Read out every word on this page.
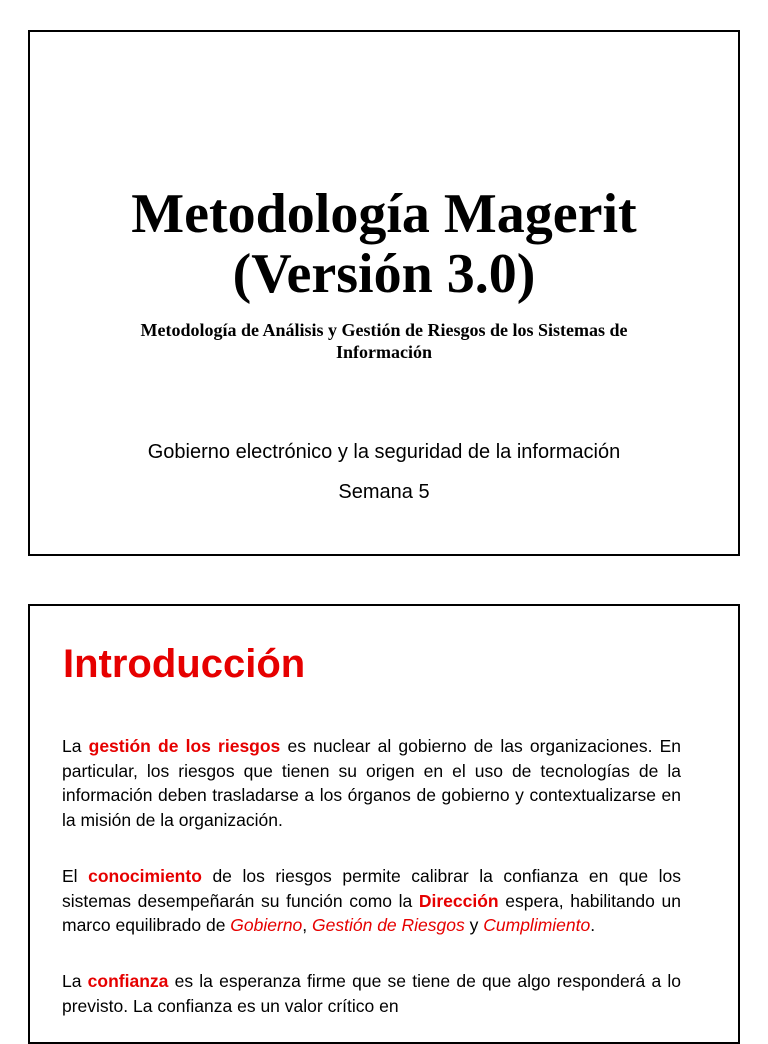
Metodología Magerit
(Versión 3.0)
Metodología de Análisis y Gestión de Riesgos de los Sistemas de
Información
Gobierno electrónico y la seguridad de la información
Semana 5
Introducción
La gestión de los riesgos es nuclear al gobierno de las organizaciones. En particular, los riesgos que tienen su origen en el uso de tecnologías de la información deben trasladarse a los órganos de gobierno y contextualizarse en la misión de la organización.
El conocimiento de los riesgos permite calibrar la confianza en que los sistemas desempeñarán su función como la Dirección espera, habilitando un marco equilibrado de Gobierno, Gestión de Riesgos y Cumplimiento.
La confianza es la esperanza firme que se tiene de que algo responderá a lo previsto. La confianza es un valor crítico en
